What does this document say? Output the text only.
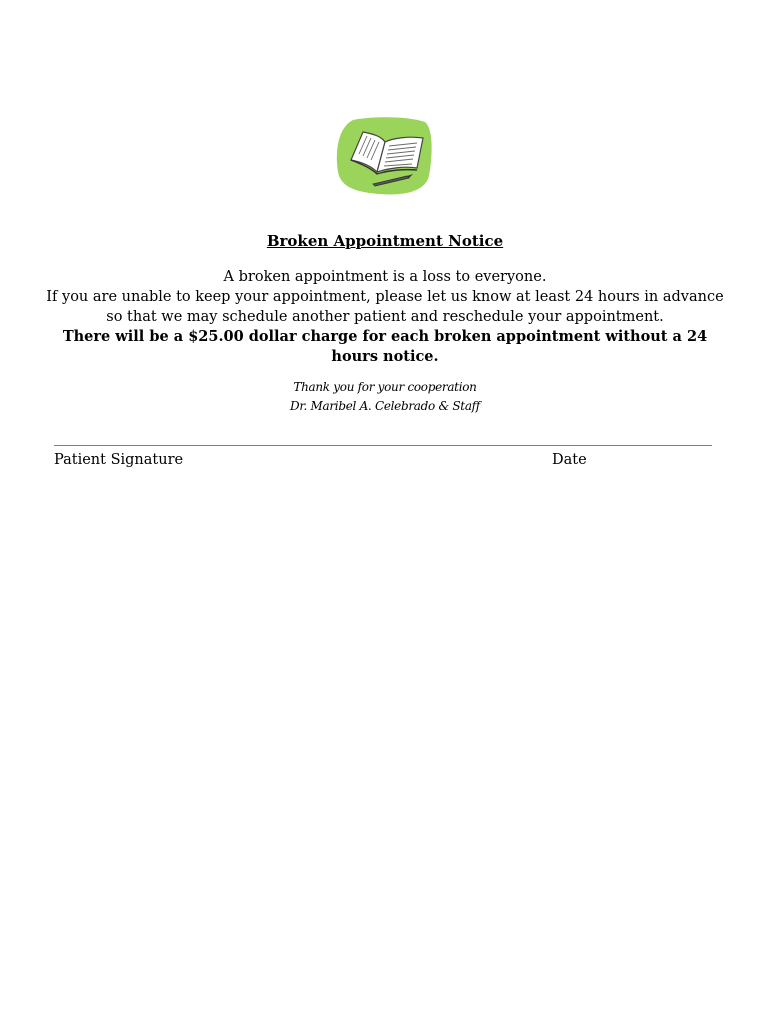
Broken Appointment Notice

A broken appointment is a loss to everyone.

If you are unable to keep your appointment, please let us know at least 24 hours in advance so that we may schedule another patient and reschedule your appointment.

There will be a $25.00 dollar charge for each broken appointment without a 24 hours notice.

Thank you for your cooperation
Dr. Maribel A. Celebrado & Staff
Patient Signature	Date
